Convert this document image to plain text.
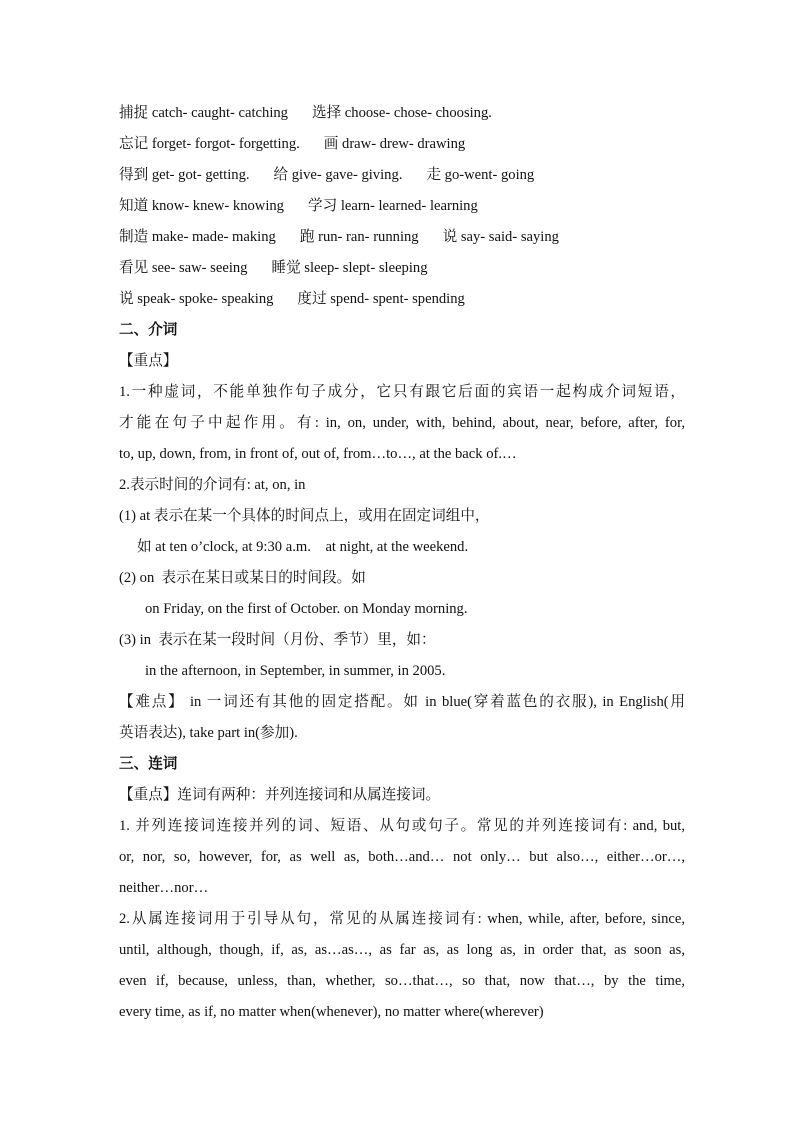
捕捉 catch- caught- catching 选择 choose- chose- choosing.
忘记 forget- forgot- forgetting. 画 draw- drew- drawing
得到 get- got- getting. 给 give- gave- giving. 走 go-went- going
知道 know- knew- knowing 学习 learn- learned- learning
制造 make- made- making 跑 run- ran- running 说 say- said- saying
看见 see- saw- seeing 睡觉 sleep- slept- sleeping
说 speak- spoke- speaking 度过 spend- spent- spending
二、介词
【重点】
1.一种虚词，不能单独作句子成分，它只有跟它后面的宾语一起构成介词短语，
才能在句子中起作用。有: in, on, under, with, behind, about, near, before, after, for,
to, up, down, from, in front of, out of, from…to…, at the back of.…
2.表示时间的介词有: at, on, in
(1) at 表示在某一个具体的时间点上，或用在固定词组中，
如 at ten o’clock, at 9:30 a.m.    at night, at the weekend.
(2) on  表示在某日或某日的时间段。如
on Friday, on the first of October. on Monday morning.
(3) in  表示在某一段时间（月份、季节）里，如：
in the afternoon, in September, in summer, in 2005.
【难点】 in 一词还有其他的固定搭配。如 in blue(穿着蓝色的衣服), in English(用
英语表达), take part in(参加).
三、连词
【重点】连词有两种：并列连接词和从属连接词。
1. 并列连接词连接并列的词、短语、从句或句子。常见的并列连接词有: and, but,
or, nor, so, however, for, as well as, both…and… not only… but also…, either…or…,
neither…nor…
2.从属连接词用于引导从句，常见的从属连接词有: when, while, after, before, since,
until, although, though, if, as, as…as…, as far as, as long as, in order that, as soon as,
even if, because, unless, than, whether, so…that…, so that, now that…, by the time,
every time, as if, no matter when(whenever), no matter where(wherever)
